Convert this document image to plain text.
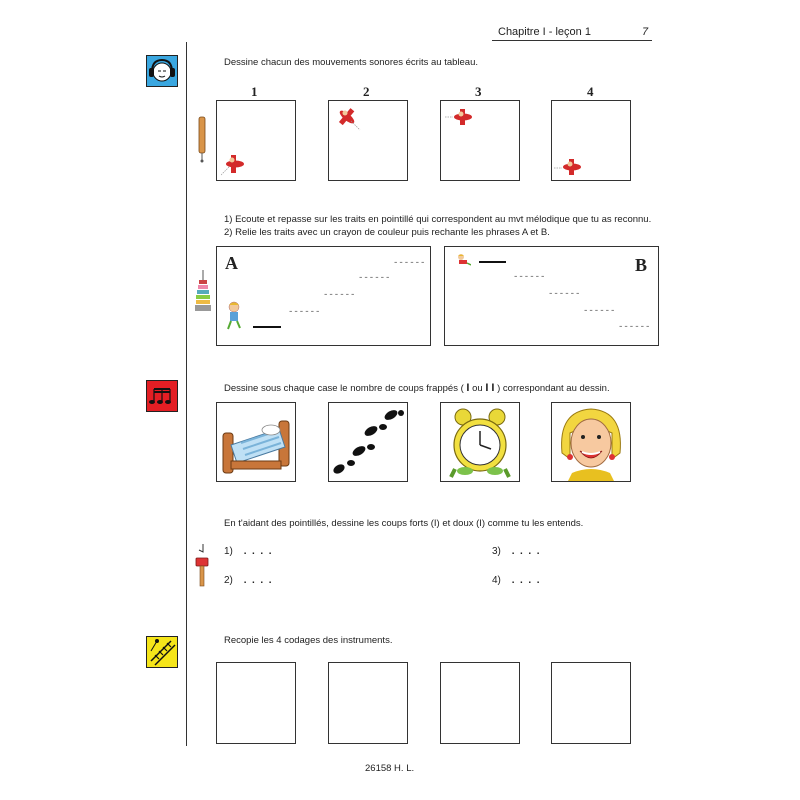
Chapitre I - leçon 1	7
Dessine chacun des mouvements sonores écrits au tableau.
1	2	3	4
1) Ecoute et repasse sur les traits en pointillé qui correspondent au mvt mélodique que tu as reconnu.
2) Relie les traits avec un crayon de couleur puis rechante les phrases A et B.
A	------
------
------
------
B
------
------
------
------
Dessine sous chaque case le nombre de coups frappés ( I ou I I ) correspondant au dessin.
En t'aidant des pointillés, dessine les coups forts (I) et doux (I) comme tu les entends.
1) .  .  .  .
2) .  .  .  .
3) .  .  .  .
4) .  .  .  .
Recopie les 4 codages des instruments.
26158 H. L.
